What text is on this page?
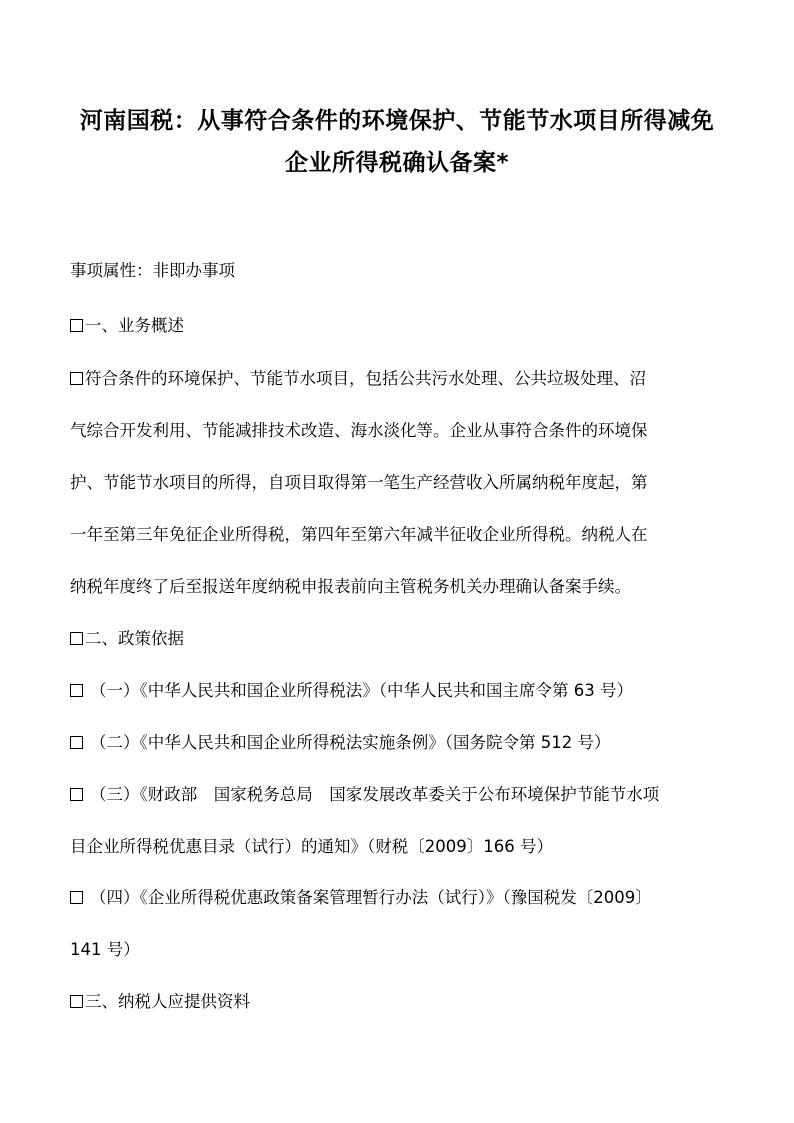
河南国税：从事符合条件的环境保护、节能节水项目所得减免
企业所得税确认备案*
事项属性：非即办事项
一、业务概述
符合条件的环境保护、节能节水项目，包括公共污水处理、公共垃圾处理、沼
气综合开发利用、节能减排技术改造、海水淡化等。企业从事符合条件的环境保
护、节能节水项目的所得，自项目取得第一笔生产经营收入所属纳税年度起，第
一年至第三年免征企业所得税，第四年至第六年减半征收企业所得税。纳税人在
纳税年度终了后至报送年度纳税申报表前向主管税务机关办理确认备案手续。
二、政策依据
（一）《中华人民共和国企业所得税法》（中华人民共和国主席令第 63 号）
（二）《中华人民共和国企业所得税法实施条例》（国务院令第 512 号）
（三）《财政部　国家税务总局　国家发展改革委关于公布环境保护节能节水项
目企业所得税优惠目录（试行）的通知》（财税〔2009〕166 号）
（四）《企业所得税优惠政策备案管理暂行办法（试行）》（豫国税发〔2009〕
141 号）
三、纳税人应提供资料
